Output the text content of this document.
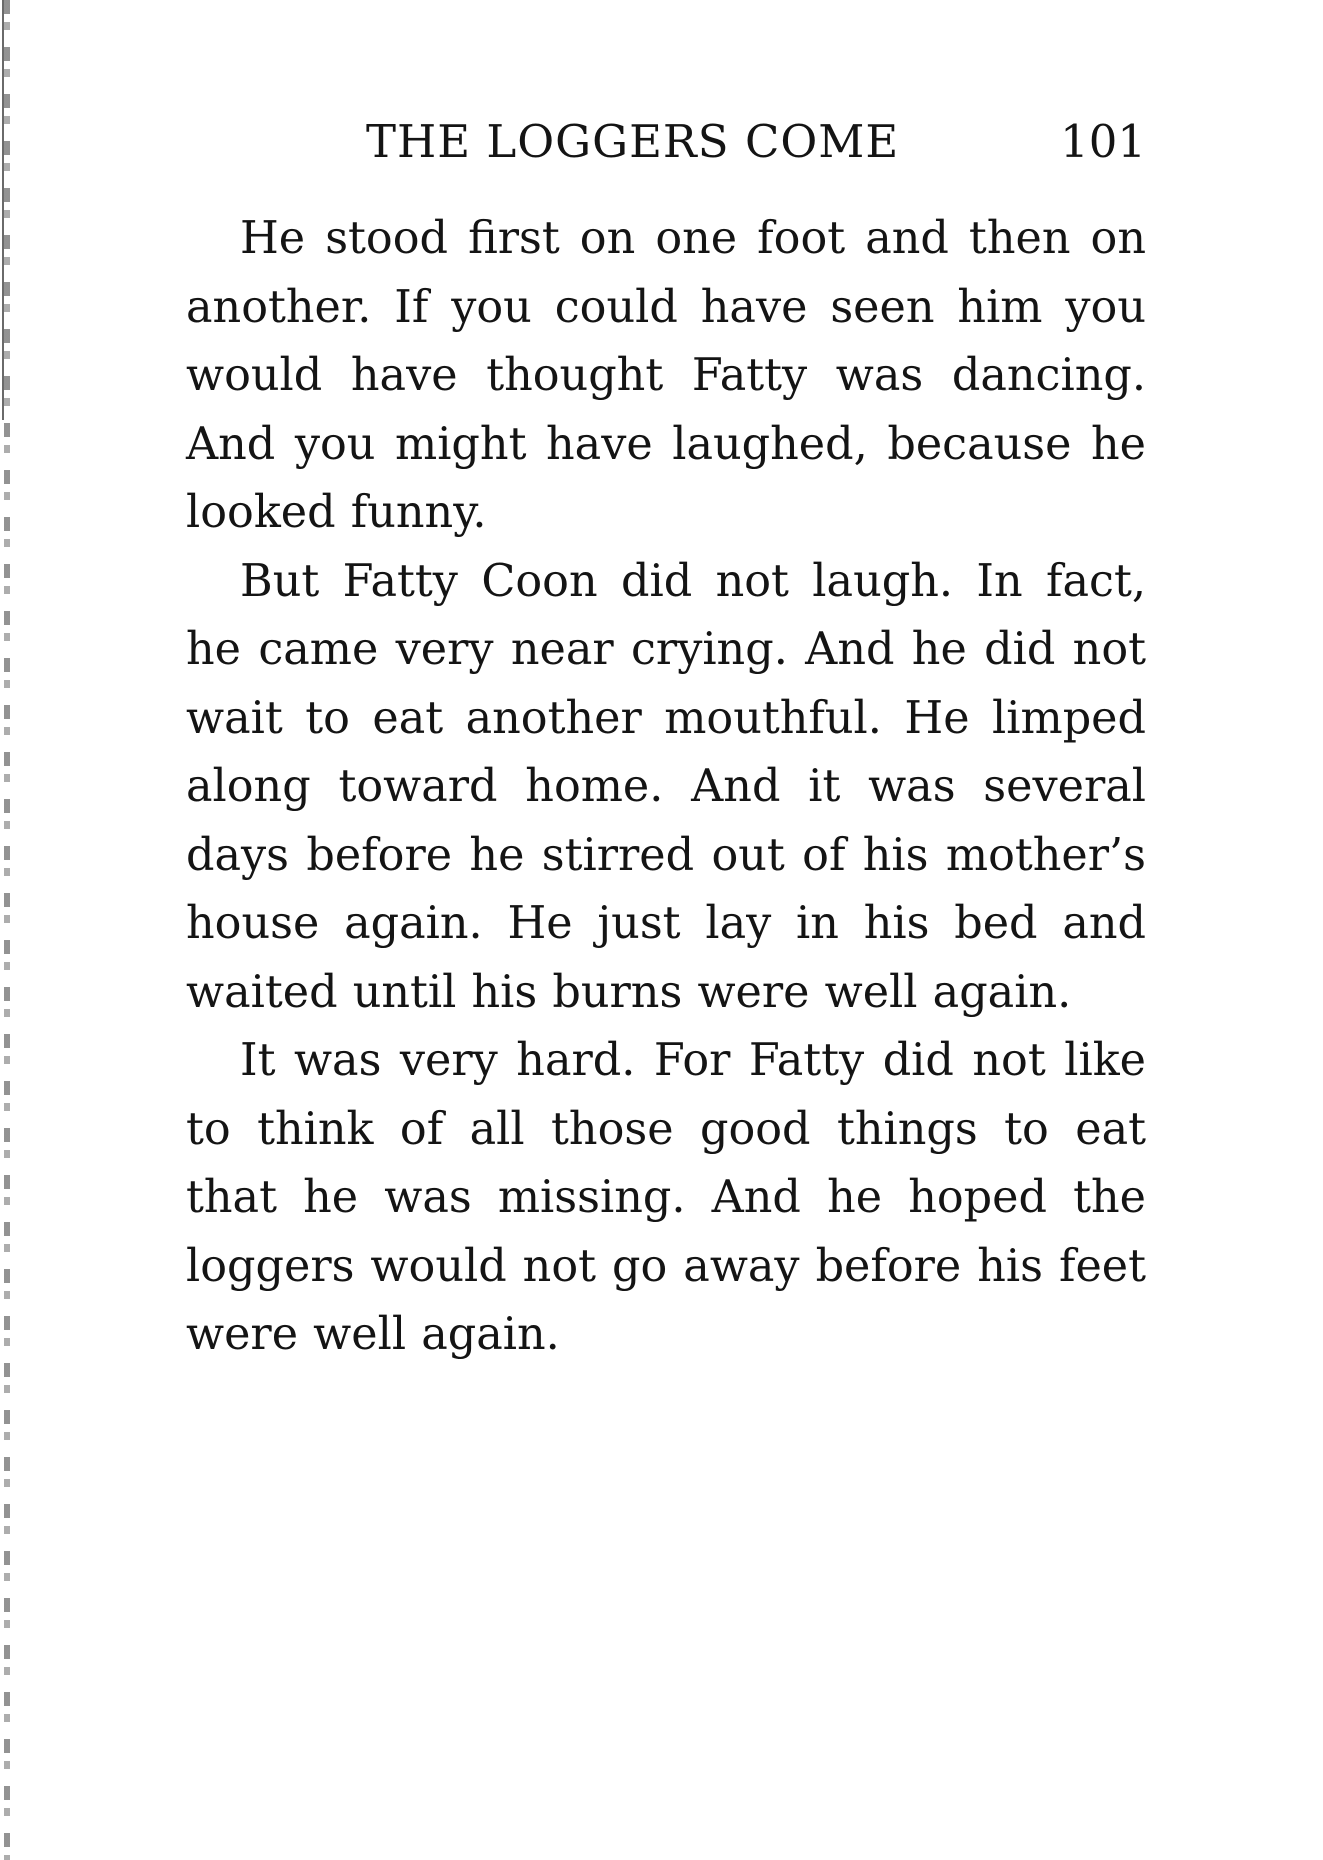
THE LOGGERS COME	101

He stood first on one foot and then on another. If you could have seen him you would have thought Fatty was dancing. And you might have laughed, because he looked funny.

But Fatty Coon did not laugh. In fact, he came very near crying. And he did not wait to eat another mouthful. He limped along toward home. And it was several days before he stirred out of his mother’s house again. He just lay in his bed and waited until his burns were well again.

It was very hard. For Fatty did not like to think of all those good things to eat that he was missing. And he hoped the loggers would not go away before his feet were well again.
